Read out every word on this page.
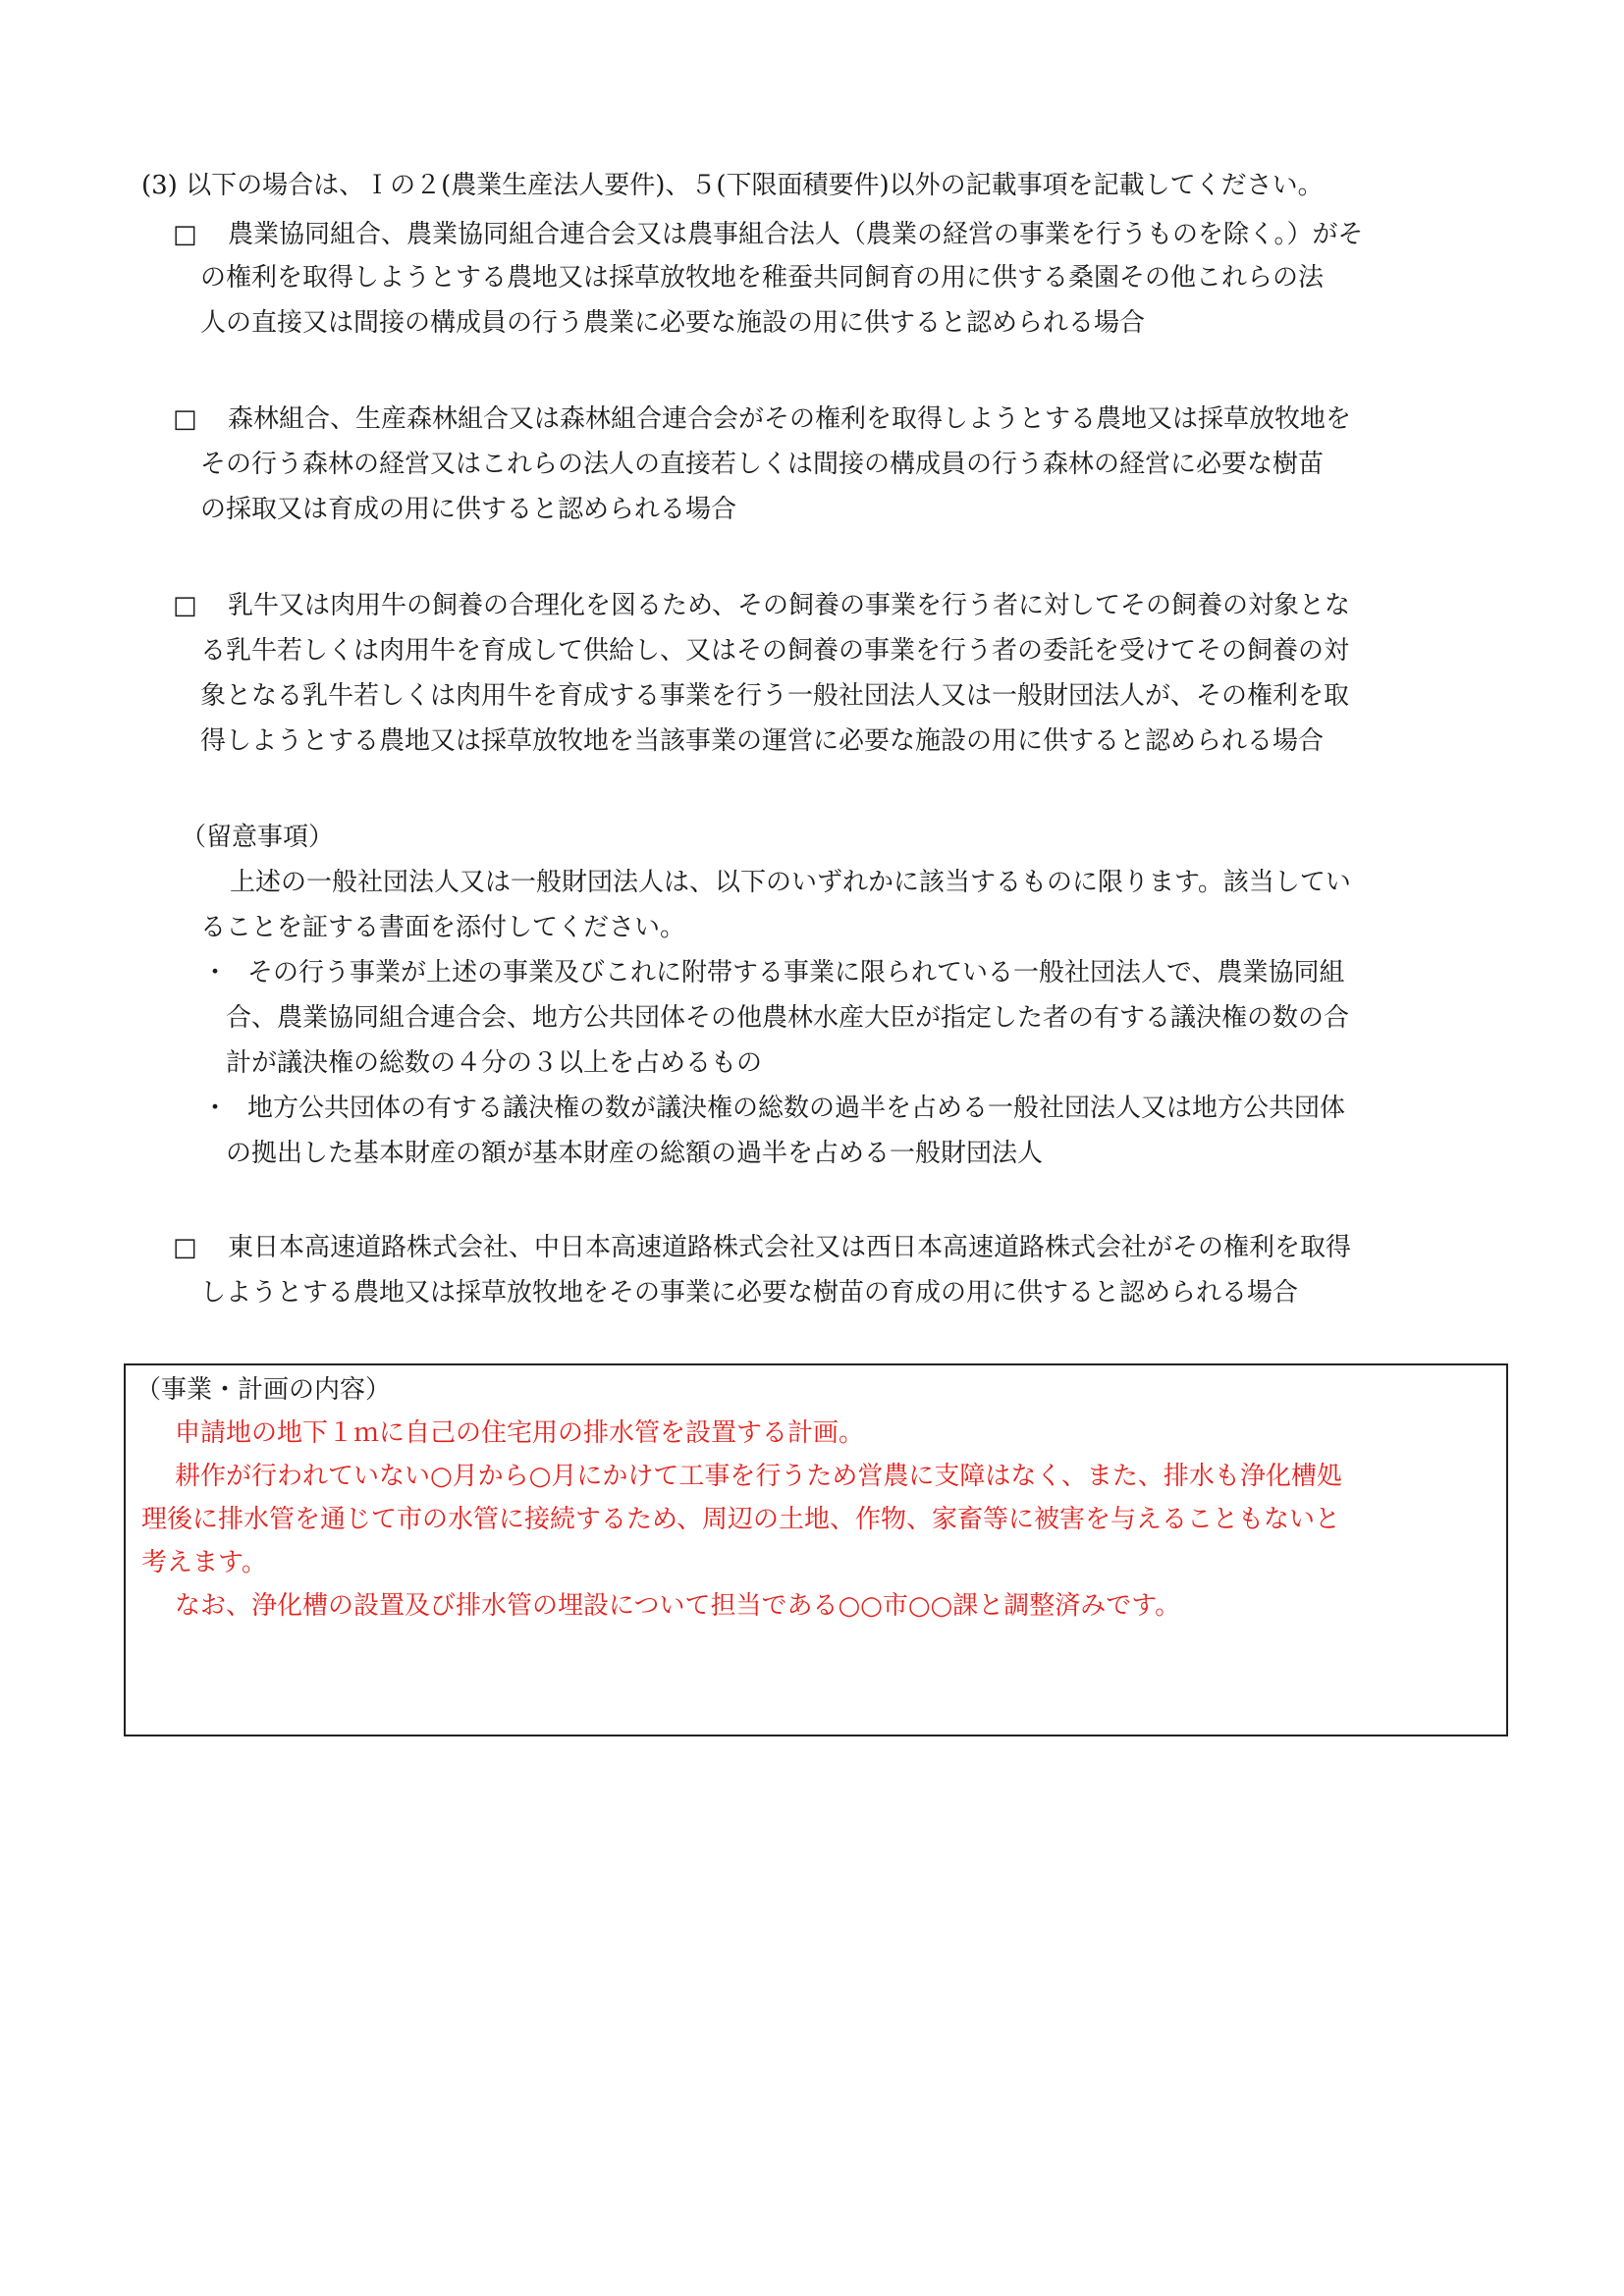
(3) 以下の場合は、Ｉの２(農業生産法人要件)、５(下限面積要件)以外の記載事項を記載してください。
□ 農業協同組合、農業協同組合連合会又は農事組合法人（農業の経営の事業を行うものを除く。）がそ
の権利を取得しようとする農地又は採草放牧地を稚蚕共同飼育の用に供する桑園その他これらの法
人の直接又は間接の構成員の行う農業に必要な施設の用に供すると認められる場合
□ 森林組合、生産森林組合又は森林組合連合会がその権利を取得しようとする農地又は採草放牧地を
その行う森林の経営又はこれらの法人の直接若しくは間接の構成員の行う森林の経営に必要な樹苗
の採取又は育成の用に供すると認められる場合
□ 乳牛又は肉用牛の飼養の合理化を図るため、その飼養の事業を行う者に対してその飼養の対象とな
る乳牛若しくは肉用牛を育成して供給し、又はその飼養の事業を行う者の委託を受けてその飼養の対
象となる乳牛若しくは肉用牛を育成する事業を行う一般社団法人又は一般財団法人が、その権利を取
得しようとする農地又は採草放牧地を当該事業の運営に必要な施設の用に供すると認められる場合
（留意事項）
上述の一般社団法人又は一般財団法人は、以下のいずれかに該当するものに限ります。該当してい
ることを証する書面を添付してください。
・ その行う事業が上述の事業及びこれに附帯する事業に限られている一般社団法人で、農業協同組
合、農業協同組合連合会、地方公共団体その他農林水産大臣が指定した者の有する議決権の数の合
計が議決権の総数の４分の３以上を占めるもの
・ 地方公共団体の有する議決権の数が議決権の総数の過半を占める一般社団法人又は地方公共団体
の拠出した基本財産の額が基本財産の総額の過半を占める一般財団法人
□ 東日本高速道路株式会社、中日本高速道路株式会社又は西日本高速道路株式会社がその権利を取得
しようとする農地又は採草放牧地をその事業に必要な樹苗の育成の用に供すると認められる場合
（事業・計画の内容）
申請地の地下１ｍに自己の住宅用の排水管を設置する計画。
耕作が行われていない○月から○月にかけて工事を行うため営農に支障はなく、また、排水も浄化槽処
理後に排水管を通じて市の水管に接続するため、周辺の土地、作物、家畜等に被害を与えることもないと
考えます。
なお、浄化槽の設置及び排水管の埋設について担当である○○市○○課と調整済みです。
